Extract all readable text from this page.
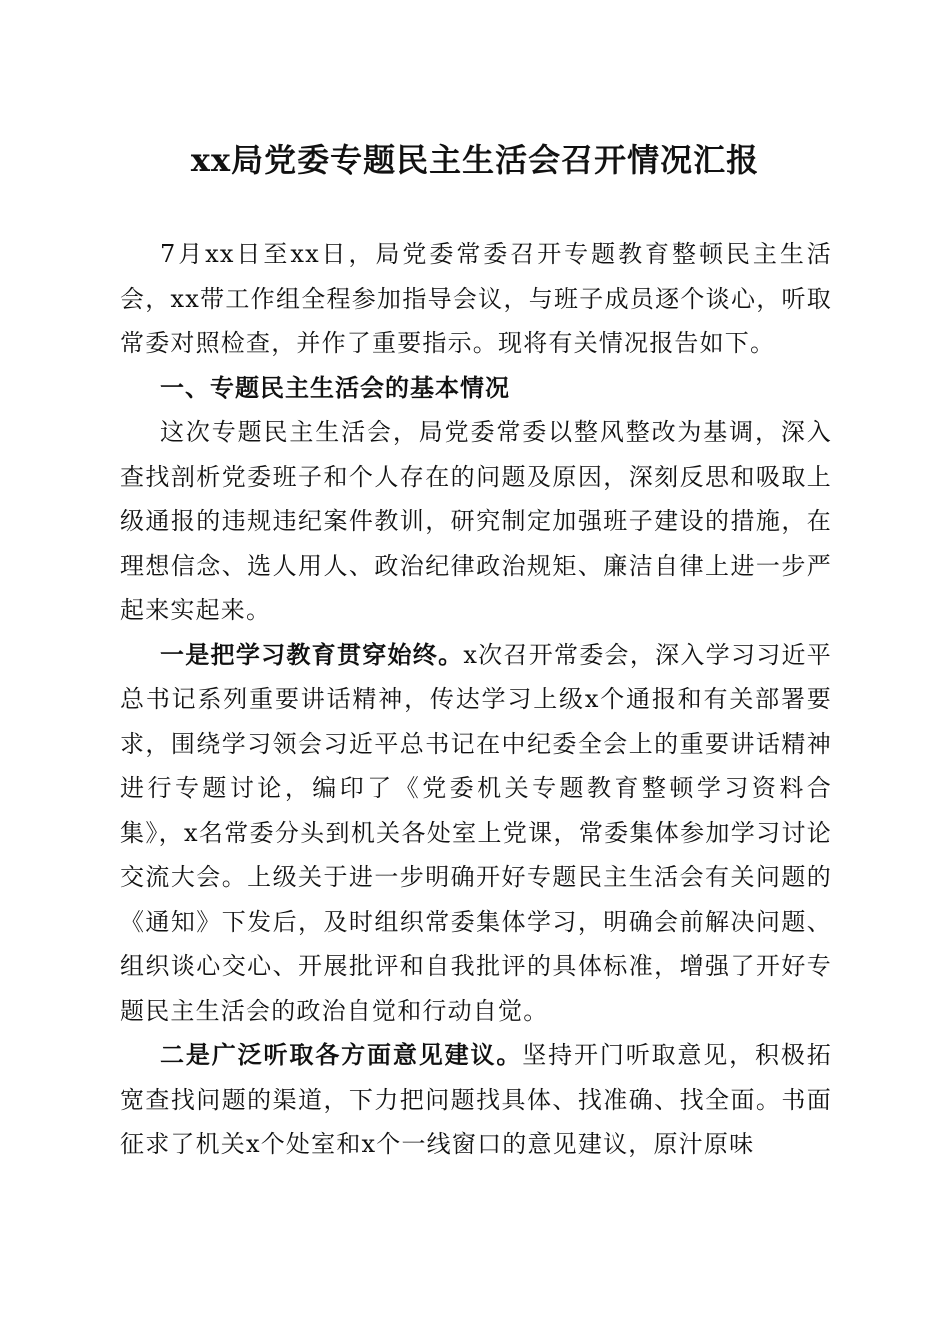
xx局党委专题民主生活会召开情况汇报

7月xx日至xx日，局党委常委召开专题教育整顿民主生活会，xx带工作组全程参加指导会议，与班子成员逐个谈心，听取常委对照检查，并作了重要指示。现将有关情况报告如下。

一、专题民主生活会的基本情况

这次专题民主生活会，局党委常委以整风整改为基调，深入查找剖析党委班子和个人存在的问题及原因，深刻反思和吸取上级通报的违规违纪案件教训，研究制定加强班子建设的措施，在理想信念、选人用人、政治纪律政治规矩、廉洁自律上进一步严起来实起来。

一是把学习教育贯穿始终。x次召开常委会，深入学习习近平总书记系列重要讲话精神，传达学习上级x个通报和有关部署要求，围绕学习领会习近平总书记在中纪委全会上的重要讲话精神进行专题讨论，编印了《党委机关专题教育整顿学习资料合集》，x名常委分头到机关各处室上党课，常委集体参加学习讨论交流大会。上级关于进一步明确开好专题民主生活会有关问题的《通知》下发后，及时组织常委集体学习，明确会前解决问题、组织谈心交心、开展批评和自我批评的具体标准，增强了开好专题民主生活会的政治自觉和行动自觉。

二是广泛听取各方面意见建议。坚持开门听取意见，积极拓宽查找问题的渠道，下力把问题找具体、找准确、找全面。书面征求了机关x个处室和x个一线窗口的意见建议，原汁原味
